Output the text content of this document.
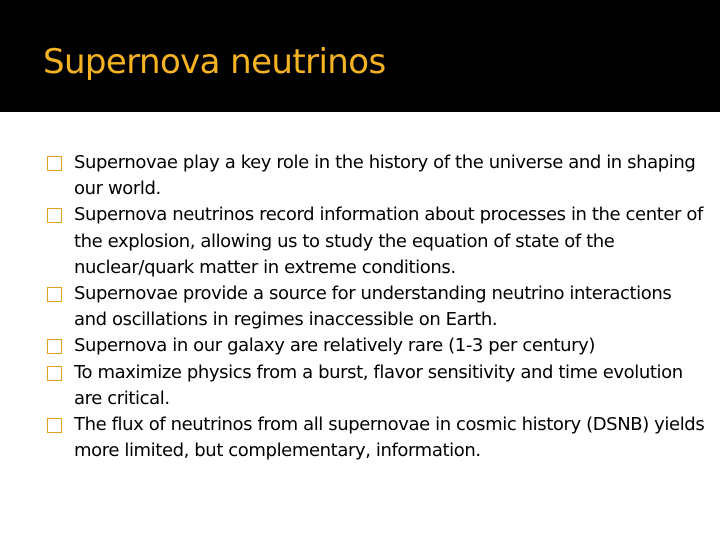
Supernova neutrinos
Supernovae play a key role in the history of the universe and in shaping our world.
Supernova neutrinos record information about processes in the center of the explosion, allowing us to study the equation of state of the nuclear/quark matter in extreme conditions.
Supernovae provide a source for understanding neutrino interactions and oscillations in regimes inaccessible on Earth.
Supernova in our galaxy are relatively rare (1-3 per century)
To maximize physics from a burst, flavor sensitivity and time evolution are critical.
The flux of neutrinos from all supernovae in cosmic history (DSNB) yields more limited, but complementary, information.
